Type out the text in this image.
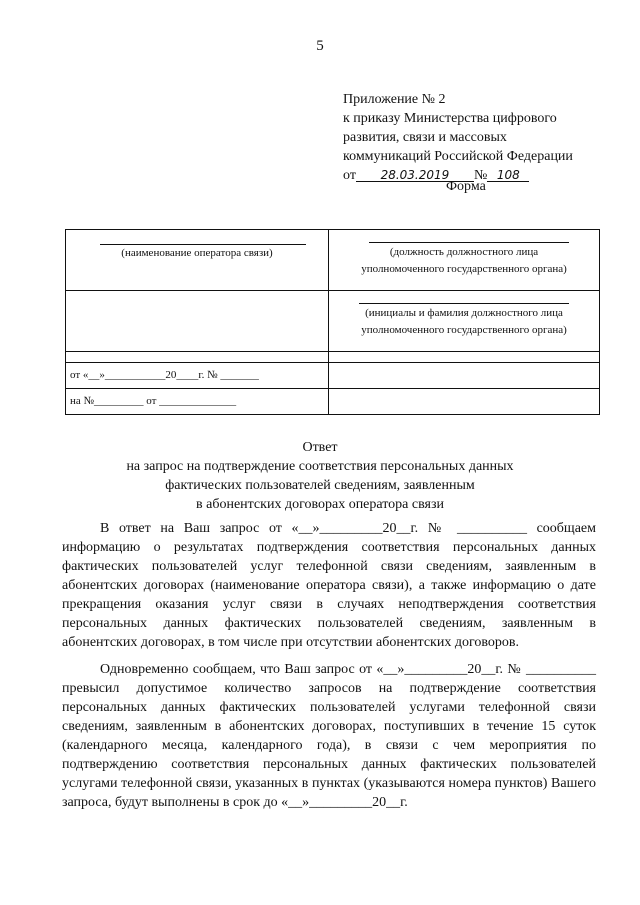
5
Приложение № 2
к приказу Министерства цифрового
развития, связи и массовых
коммуникаций Российской Федерации
от 28.03.2019 № 108
Форма
(наименование оператора связи)	(должность должностного лица
уполномоченного государственного органа)

	(инициалы и фамилия должностного лица
уполномоченного государственного органа)

от «__»___________20____г. № _______	

на №_________ от ______________	

Ответ
на запрос на подтверждение соответствия персональных данных
фактических пользователей сведениям, заявленным
в абонентских договорах оператора связи

В ответ на Ваш запрос от «__»_________20__г. № __________ сообщаем информацию о результатах подтверждения соответствия персональных данных фактических пользователей услуг телефонной связи сведениям, заявленным в абонентских договорах (наименование оператора связи), а также информацию о дате прекращения оказания услуг связи в случаях неподтверждения соответствия персональных данных фактических пользователей сведениям, заявленным в абонентских договорах, в том числе при отсутствии абонентских договоров.

Одновременно сообщаем, что Ваш запрос от «__»_________20__г. № __________ превысил допустимое количество запросов на подтверждение соответствия персональных данных фактических пользователей услугами телефонной связи сведениям, заявленным в абонентских договорах, поступивших в течение 15 суток (календарного месяца, календарного года), в связи с чем мероприятия по подтверждению соответствия персональных данных фактических пользователей услугами телефонной связи, указанных в пунктах (указываются номера пунктов) Вашего запроса, будут выполнены в срок до «__»_________20__г.
